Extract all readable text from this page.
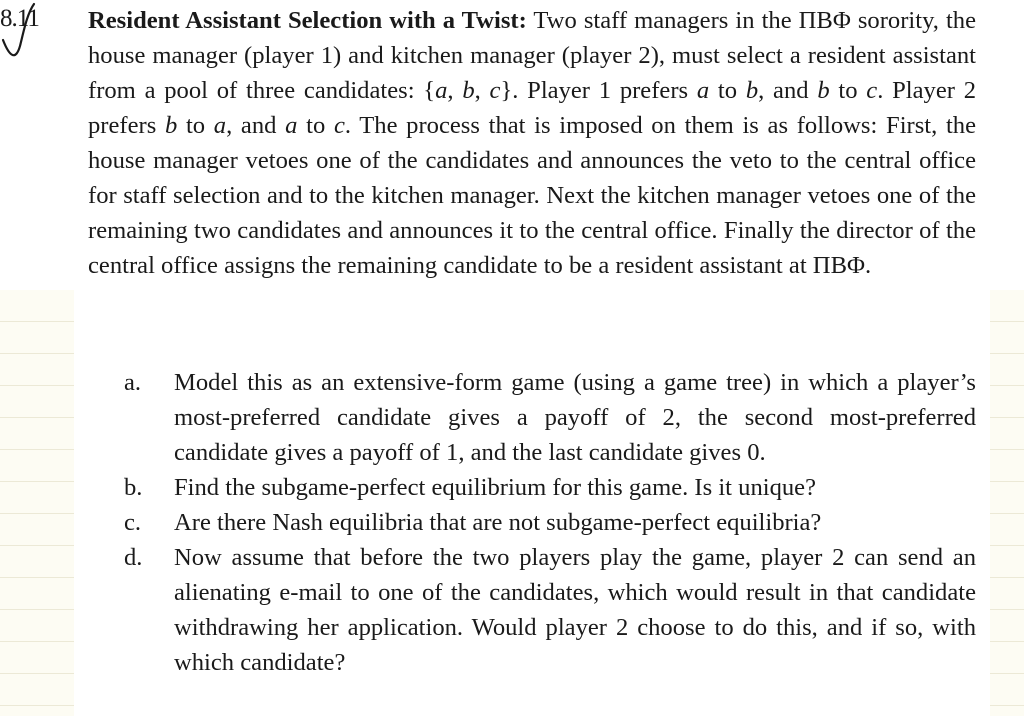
8.11 Resident Assistant Selection with a Twist: Two staff managers in the ΠΒΦ sorority, the house manager (player 1) and kitchen manager (player 2), must select a resident assistant from a pool of three candidates: {a, b, c}. Player 1 prefers a to b, and b to c. Player 2 prefers b to a, and a to c. The process that is imposed on them is as follows: First, the house manager vetoes one of the candidates and announces the veto to the central office for staff selection and to the kitchen manager. Next the kitchen manager vetoes one of the remaining two candidates and announces it to the central office. Finally the director of the central office assigns the remaining candidate to be a resident assistant at ΠΒΦ.

a.	Model this as an extensive-form game (using a game tree) in which a player’s most-preferred candidate gives a payoff of 2, the second most-preferred candidate gives a payoff of 1, and the last candidate gives 0.
b.	Find the subgame-perfect equilibrium for this game. Is it unique?
c.	Are there Nash equilibria that are not subgame-perfect equilibria?
d.	Now assume that before the two players play the game, player 2 can send an alienating e-mail to one of the candidates, which would result in that candidate withdrawing her application. Would player 2 choose to do this, and if so, with which candidate?
